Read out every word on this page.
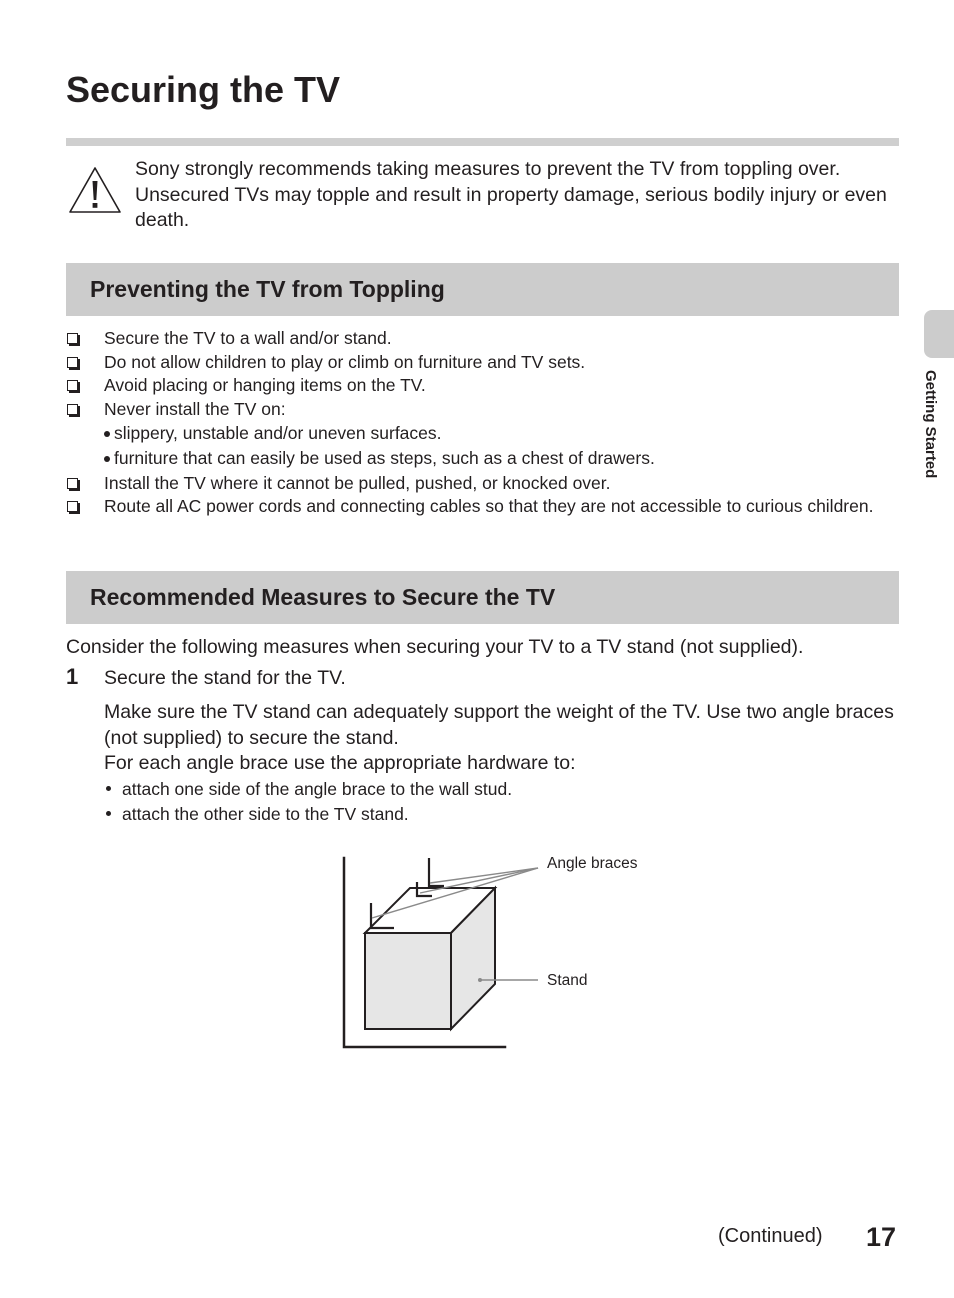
Securing the TV
Sony strongly recommends taking measures to prevent the TV from toppling over. Unsecured TVs may topple and result in property damage, serious bodily injury or even death.
Preventing the TV from Toppling
Secure the TV to a wall and/or stand.
Do not allow children to play or climb on furniture and TV sets.
Avoid placing or hanging items on the TV.
Never install the TV on:
slippery, unstable and/or uneven surfaces.
furniture that can easily be used as steps, such as a chest of drawers.
Install the TV where it cannot be pulled, pushed, or knocked over.
Route all AC power cords and connecting cables so that they are not accessible to curious children.
Recommended Measures to Secure the TV
Consider the following measures when securing your TV to a TV stand (not supplied).
1 Secure the stand for the TV.

Make sure the TV stand can adequately support the weight of the TV. Use two angle braces (not supplied) to secure the stand.

For each angle brace use the appropriate hardware to:

attach one side of the angle brace to the wall stud.
attach the other side to the TV stand.
Angle braces
Stand
Getting Started
(Continued) 17
